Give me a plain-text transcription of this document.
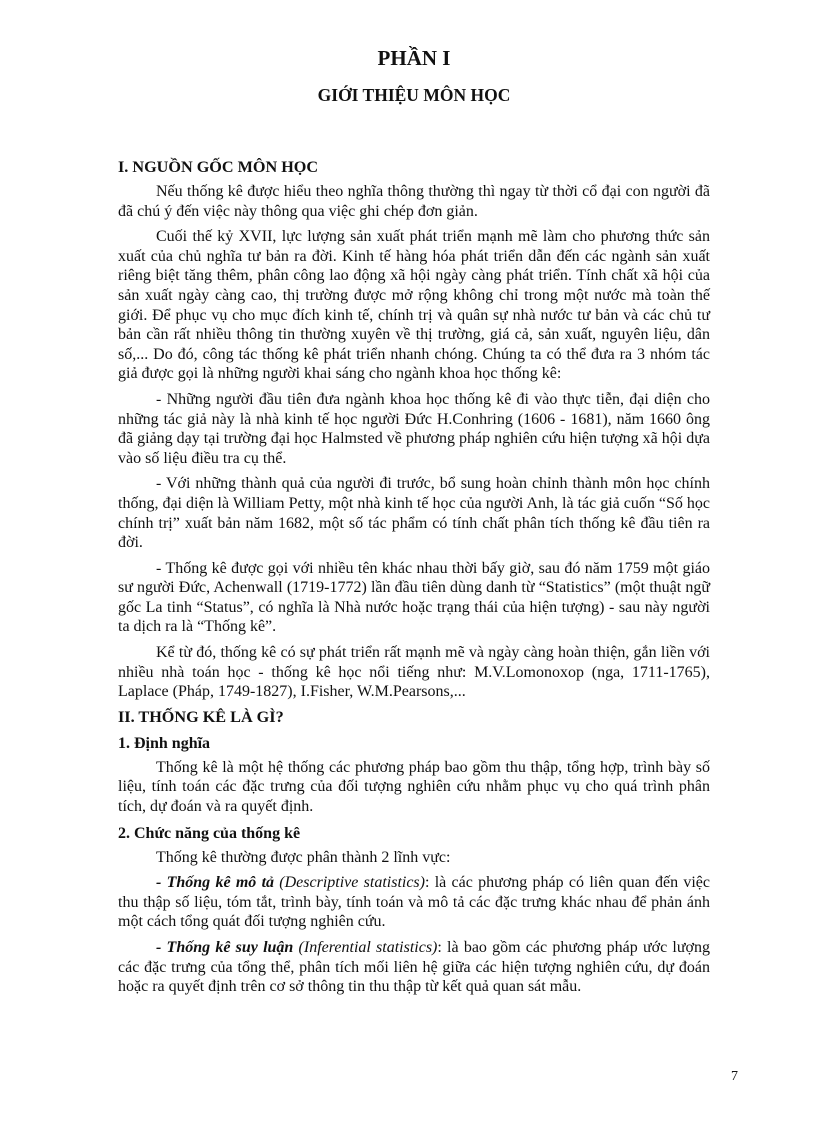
PHẦN I
GIỚI THIỆU MÔN HỌC
I. NGUỒN GỐC MÔN HỌC

Nếu thống kê được hiểu theo nghĩa thông thường thì ngay từ thời cổ đại con người đã đã chú ý đến việc này thông qua việc ghi chép đơn giản.

Cuối thế kỷ XVII, lực lượng sản xuất phát triển mạnh mẽ làm cho phương thức sản xuất của chủ nghĩa tư bản ra đời. Kinh tế hàng hóa phát triển dẫn đến các ngành sản xuất riêng biệt tăng thêm, phân công lao động xã hội ngày càng phát triển. Tính chất xã hội của sản xuất ngày càng cao, thị trường được mở rộng không chỉ trong một nước mà toàn thế giới. Để phục vụ cho mục đích kinh tế, chính trị và quân sự nhà nước tư bản và các chủ tư bản cần rất nhiều thông tin thường xuyên về thị trường, giá cả, sản xuất, nguyên liệu, dân số,... Do đó, công tác thống kê phát triển nhanh chóng. Chúng ta có thể đưa ra 3 nhóm tác giả được gọi là những người khai sáng cho ngành khoa học thống kê:

- Những người đầu tiên đưa ngành khoa học thống kê đi vào thực tiễn, đại diện cho những tác giả này là nhà kinh tế học người Đức H.Conhring (1606 - 1681), năm 1660 ông đã giảng dạy tại trường đại học Halmsted về phương pháp nghiên cứu hiện tượng xã hội dựa vào số liệu điều tra cụ thể.

- Với những thành quả của người đi trước, bổ sung hoàn chỉnh thành môn học chính thống, đại diện là William Petty, một nhà kinh tế học của người Anh, là tác giả cuốn “Số học chính trị” xuất bản năm 1682, một số tác phẩm có tính chất phân tích thống kê đầu tiên ra đời.

- Thống kê được gọi với nhiều tên khác nhau thời bấy giờ, sau đó năm 1759 một giáo sư người Đức, Achenwall (1719-1772) lần đầu tiên dùng danh từ “Statistics” (một thuật ngữ gốc La tinh “Status”, có nghĩa là Nhà nước hoặc trạng thái của hiện tượng) - sau này người ta dịch ra là “Thống kê”.

Kể từ đó, thống kê có sự phát triển rất mạnh mẽ và ngày càng hoàn thiện, gắn liền với nhiều nhà toán học - thống kê học nổi tiếng như: M.V.Lomonoxop (nga, 1711-1765), Laplace (Pháp, 1749-1827), I.Fisher, W.M.Pearsons,...

II. THỐNG KÊ LÀ GÌ?
1. Định nghĩa

Thống kê là một hệ thống các phương pháp bao gồm thu thập, tổng hợp, trình bày số liệu, tính toán các đặc trưng của đối tượng nghiên cứu nhằm phục vụ cho quá trình phân tích, dự đoán và ra quyết định.

2. Chức năng của thống kê

Thống kê thường được phân thành 2 lĩnh vực:

- Thống kê mô tả (Descriptive statistics): là các phương pháp có liên quan đến việc thu thập số liệu, tóm tắt, trình bày, tính toán và mô tả các đặc trưng khác nhau để phản ánh một cách tổng quát đối tượng nghiên cứu.

- Thống kê suy luận (Inferential statistics): là bao gồm các phương pháp ước lượng các đặc trưng của tổng thể, phân tích mối liên hệ giữa các hiện tượng nghiên cứu, dự đoán hoặc ra quyết định trên cơ sở thông tin thu thập từ kết quả quan sát mẫu.

7
